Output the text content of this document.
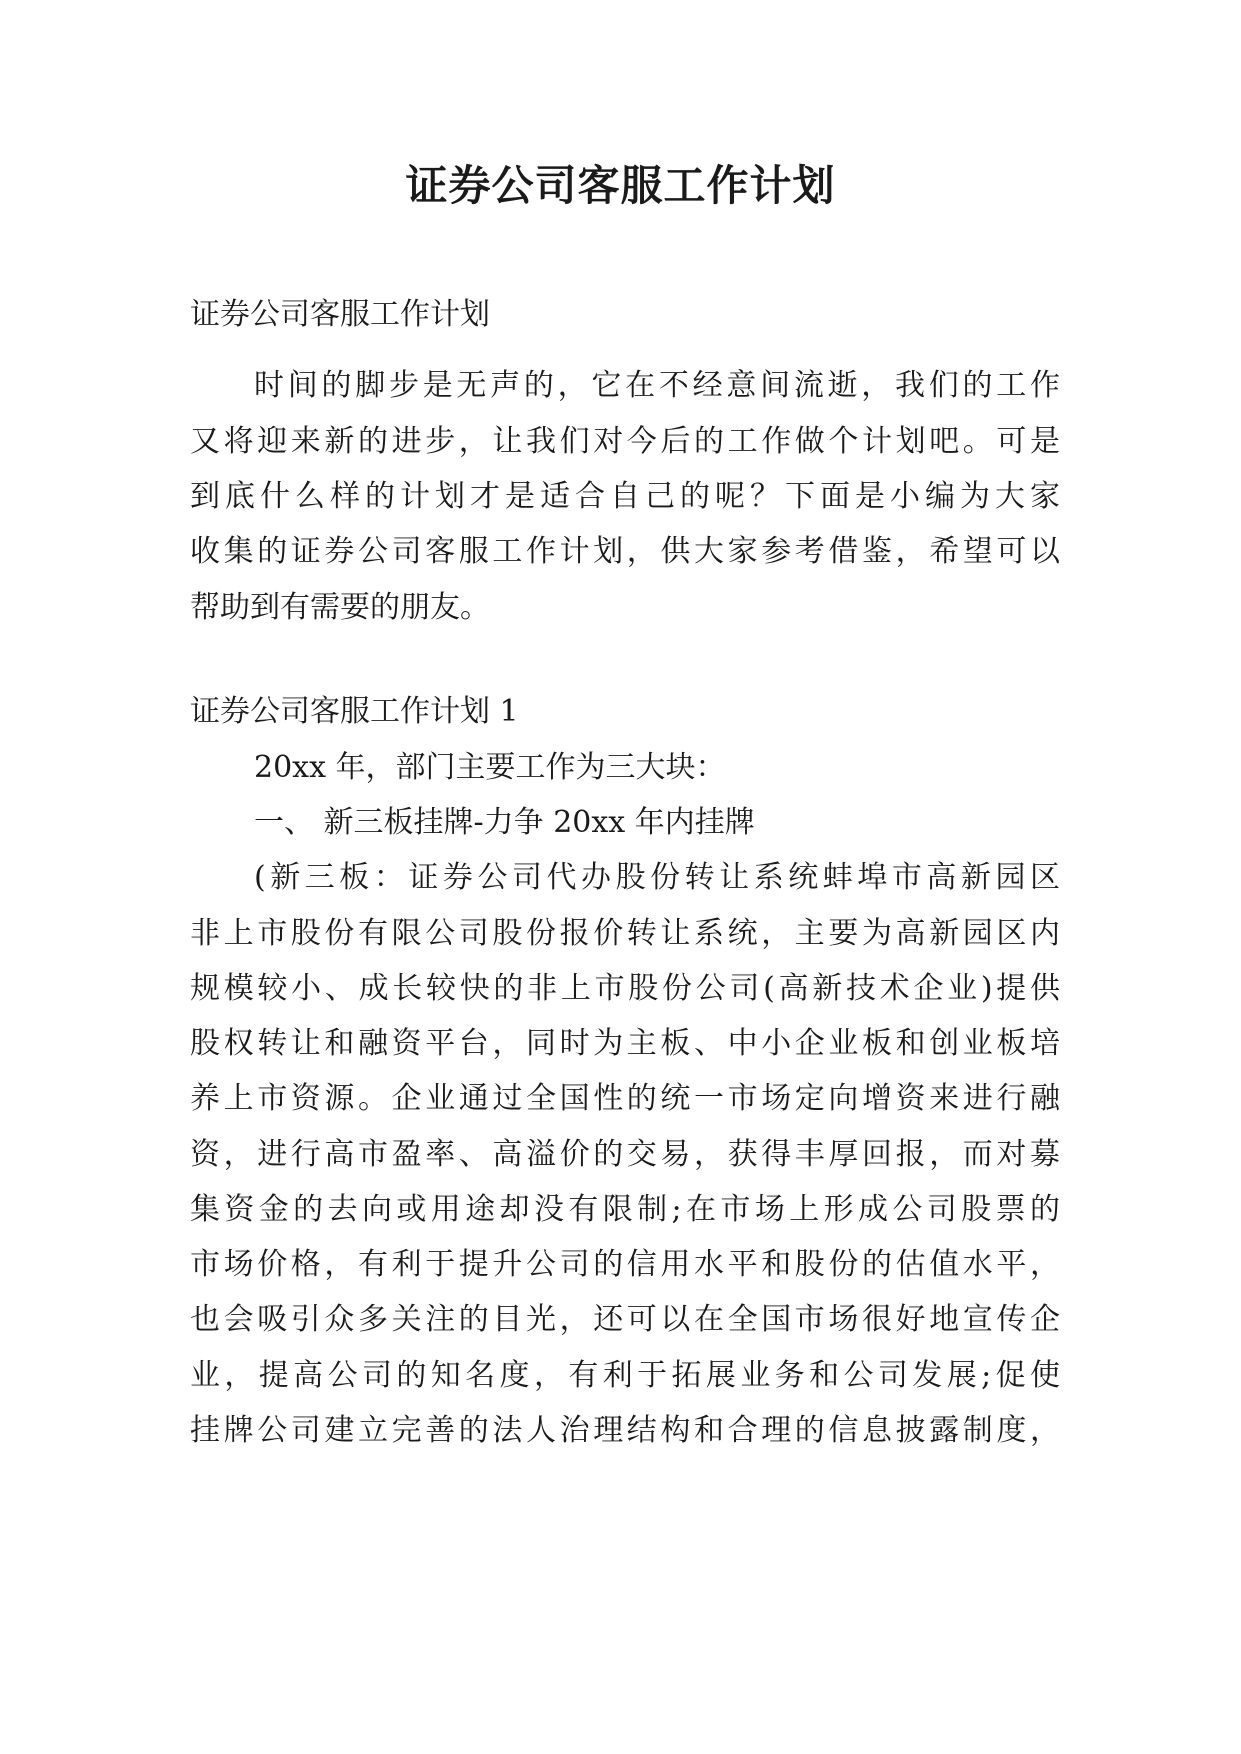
证券公司客服工作计划

证券公司客服工作计划

时间的脚步是无声的，它在不经意间流逝，我们的工作

又将迎来新的进步，让我们对今后的工作做个计划吧。可是

到底什么样的计划才是适合自己的呢？下面是小编为大家

收集的证券公司客服工作计划，供大家参考借鉴，希望可以

帮助到有需要的朋友。

证券公司客服工作计划 1

20xx 年，部门主要工作为三大块：

一、 新三板挂牌-力争 20xx 年内挂牌

(新三板：证券公司代办股份转让系统蚌埠市高新园区

非上市股份有限公司股份报价转让系统，主要为高新园区内

规模较小、成长较快的非上市股份公司(高新技术企业)提供

股权转让和融资平台，同时为主板、中小企业板和创业板培

养上市资源。企业通过全国性的统一市场定向增资来进行融

资，进行高市盈率、高溢价的交易，获得丰厚回报，而对募

集资金的去向或用途却没有限制;在市场上形成公司股票的

市场价格，有利于提升公司的信用水平和股份的估值水平，

也会吸引众多关注的目光，还可以在全国市场很好地宣传企

业，提高公司的知名度，有利于拓展业务和公司发展;促使

挂牌公司建立完善的法人治理结构和合理的信息披露制度，
